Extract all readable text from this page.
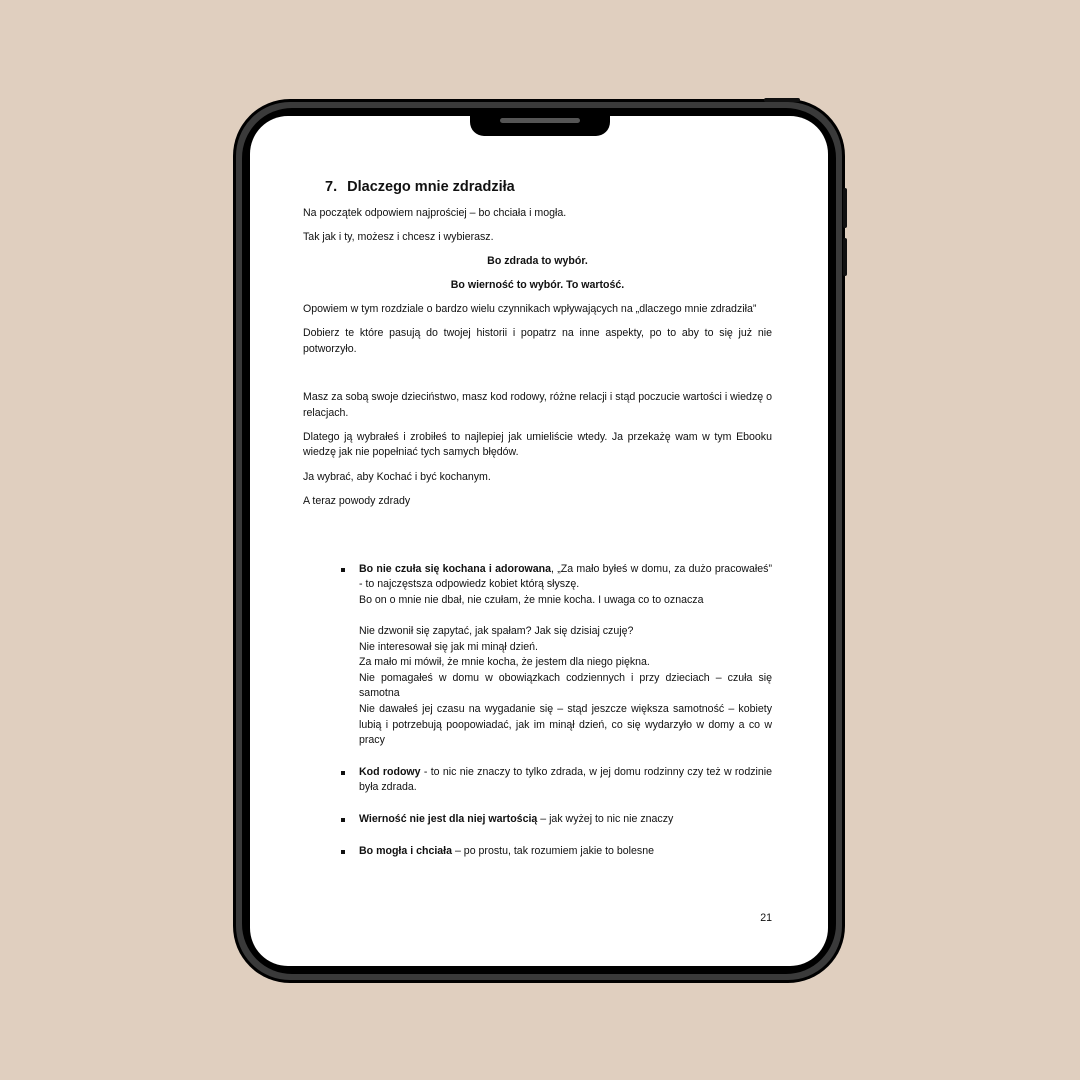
7. Dlaczego mnie zdradziła

Na początek odpowiem najprościej – bo chciała i mogła.

Tak jak i ty, możesz i chcesz i wybierasz.

Bo zdrada to wybór.

Bo wierność to wybór. To wartość.

Opowiem w tym rozdziale o bardzo wielu czynnikach wpływających na „dlaczego mnie zdradziła”

Dobierz te które pasują do twojej historii i popatrz na inne aspekty, po to aby to się już nie potworzyło.

Masz za sobą swoje dzieciństwo, masz kod rodowy, różne relacji i stąd poczucie wartości i wiedzę o relacjach.

Dlatego ją wybrałeś i zrobiłeś to najlepiej jak umieliście wtedy. Ja przekażę wam w tym Ebooku wiedzę jak nie popełniać tych samych błędów.

Ja wybrać, aby Kochać i być kochanym.

A teraz powody zdrady

Bo nie czuła się kochana i adorowana, „Za mało byłeś w domu, za dużo pracowałeś” - to najczęstsza odpowiedz kobiet którą słyszę.
Bo on o mnie nie dbał, nie czułam, że mnie kocha. I uwaga co to oznacza
Nie dzwonił się zapytać, jak spałam? Jak się dzisiaj czuję?
Nie interesował się jak mi minął dzień.
Za mało mi mówił, że mnie kocha, że jestem dla niego piękna.
Nie pomagałeś w domu w obowiązkach codziennych i przy dzieciach – czuła się samotna
Nie dawałeś jej czasu na wygadanie się – stąd jeszcze większa samotność – kobiety lubią i potrzebują poopowiadać, jak im minął dzień, co się wydarzyło w domy a co w pracy
Kod rodowy - to nic nie znaczy to tylko zdrada, w jej domu rodzinny czy też w rodzinie była zdrada.
Wierność nie jest dla niej wartością – jak wyżej to nic nie znaczy
Bo mogła i chciała – po prostu, tak rozumiem jakie to bolesne
21
